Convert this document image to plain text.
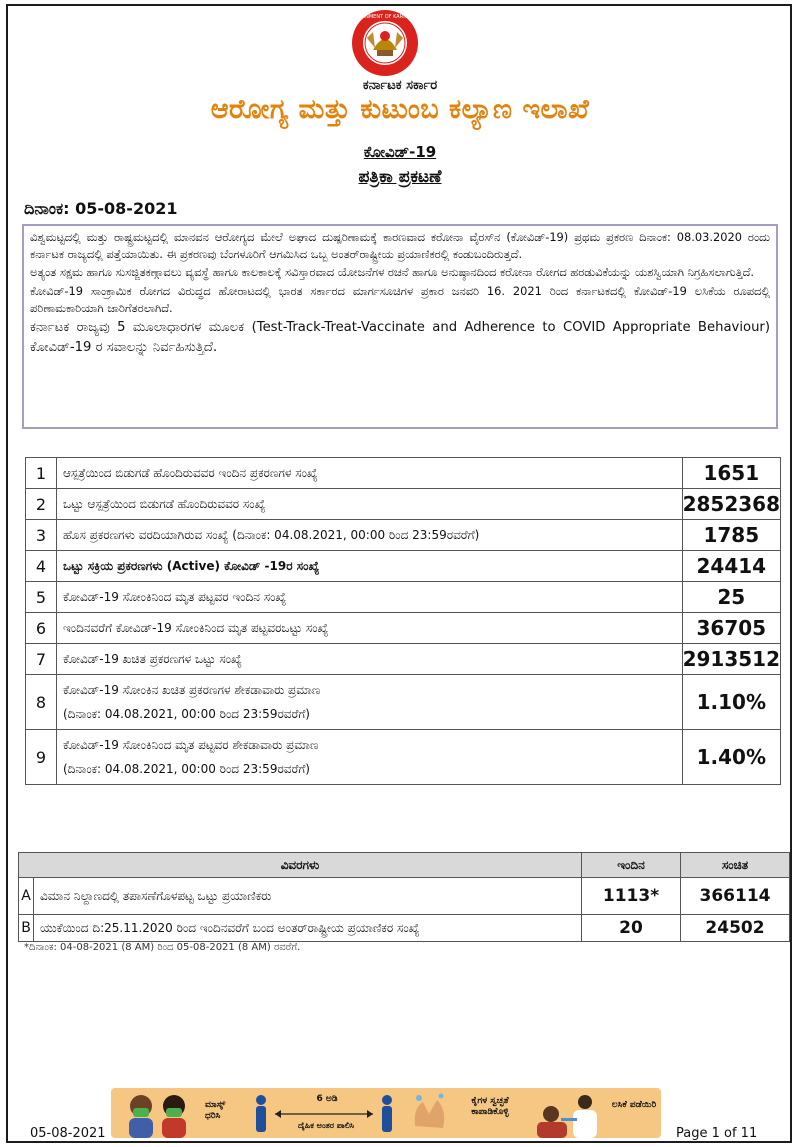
GOVERNMENT OF KARNATAKA
ಕರ್ನಾಟಕ ಸರ್ಕಾರ
ಆರೋಗ್ಯ ಮತ್ತು ಕುಟುಂಬ ಕಲ್ಯಾಣ ಇಲಾಖೆ
ಕೋವಿಡ್-19
ಪತ್ರಿಕಾ ಪ್ರಕಟಣೆ
ದಿನಾಂಕ: 05-08-2021

ವಿಶ್ವಮಟ್ಟದಲ್ಲಿ ಮತ್ತು ರಾಷ್ಟ್ರಮಟ್ಟದಲ್ಲಿ ಮಾನವನ ಆರೋಗ್ಯದ ಮೇಲೆ ಅಘಾದ ದುಷ್ಪರಿಣಾಮಕ್ಕೆ ಕಾರಣವಾದ ಕರೋನಾ ವೈರಸ್‌ನ (ಕೋವಿಡ್-19) ಪ್ರಥಮ ಪ್ರಕರಣ ದಿನಾಂಕ: 08.03.2020 ರಂದು ಕರ್ನಾಟಕ ರಾಜ್ಯದಲ್ಲಿ ಪತ್ತೆಯಾಯಿತು. ಈ ಪ್ರಕರಣವು ಬೆಂಗಳೂರಿಗೆ ಆಗಮಿಸಿದ ಒಬ್ಬ ಅಂತರ್‌ರಾಷ್ಟ್ರೀಯ ಪ್ರಯಾಣಿಕರಲ್ಲಿ ಕಂಡುಬಂದಿರುತ್ತದೆ.

ಅತ್ಯಂತ ಸಕ್ಷಮ ಹಾಗೂ ಸುಸಜ್ಜಿತಕಣ್ಗಾವಲು ವ್ಯವಸ್ಥೆ ಹಾಗೂ ಕಾಲಕಾಲಕ್ಕೆ ಸವಿಸ್ತಾರವಾದ ಯೋಜನೆಗಳ ರಚನೆ ಹಾಗೂ ಅನುಷ್ಠಾನದಿಂದ ಕರೋನಾ ರೋಗದ ಹರಡುವಿಕೆಯನ್ನು ಯಶಸ್ವಿಯಾಗಿ ನಿಗ್ರಹಿಸಲಾಗುತ್ತಿದೆ.

ಕೋವಿಡ್-19 ಸಾಂಕ್ರಾಮಿಕ ರೋಗದ ವಿರುದ್ಧದ ಹೋರಾಟದಲ್ಲಿ ಭಾರತ ಸರ್ಕಾರದ ಮಾರ್ಗಸೂಚಿಗಳ ಪ್ರಕಾರ ಜನವರಿ 16. 2021 ರಿಂದ ಕರ್ನಾಟಕದಲ್ಲಿ ಕೋವಿಡ್-19 ಲಸಿಕೆಯ ರೂಪದಲ್ಲಿ ಪರಿಣಾಮಕಾರಿಯಾಗಿ ಜಾರಿಗೆತರಲಾಗಿದೆ.

ಕರ್ನಾಟಕ ರಾಜ್ಯವು 5 ಮೂಲಾಧಾರಗಳ ಮೂಲಕ (Test-Track-Treat-Vaccinate and Adherence to COVID Appropriate Behaviour) ಕೋವಿಡ್-19 ರ ಸವಾಲನ್ನು ನಿರ್ವಹಿಸುತ್ತಿದೆ.

1	ಆಸ್ಪತ್ರೆಯಿಂದ ಬಿಡುಗಡೆ ಹೊಂದಿರುವವರ ಇಂದಿನ ಪ್ರಕರಣಗಳ ಸಂಖ್ಯೆ	1651
2	ಒಟ್ಟು ಆಸ್ಪತ್ರೆಯಿಂದ ಬಿಡುಗಡೆ ಹೊಂದಿರುವವರ ಸಂಖ್ಯೆ	2852368
3	ಹೊಸ ಪ್ರಕರಣಗಳು ವರದಿಯಾಗಿರುವ ಸಂಖ್ಯೆ (ದಿನಾಂಕ: 04.08.2021, 00:00 ರಿಂದ 23:59ರವರೆಗೆ)	1785
4	ಒಟ್ಟು ಸಕ್ರಿಯ ಪ್ರಕರಣಗಳು (Active) ಕೋವಿಡ್ -19ರ ಸಂಖ್ಯೆ	24414
5	ಕೋವಿಡ್-19 ಸೋಂಕಿನಿಂದ ಮೃತ ಪಟ್ಟವರ ಇಂದಿನ ಸಂಖ್ಯೆ	25
6	ಇಂದಿನವರೆಗೆ ಕೋವಿಡ್-19 ಸೋಂಕಿನಿಂದ ಮೃತ ಪಟ್ಟವರಒಟ್ಟು ಸಂಖ್ಯೆ	36705
7	ಕೋವಿಡ್-19 ಖಚಿತ ಪ್ರಕರಣಗಳ ಒಟ್ಟು ಸಂಖ್ಯೆ	2913512
8	ಕೋವಿಡ್-19 ಸೋಂಕಿನ ಖಚಿತ ಪ್ರಕರಣಗಳ ಶೇಕಡಾವಾರು ಪ್ರಮಾಣ
(ದಿನಾಂಕ: 04.08.2021, 00:00 ರಿಂದ 23:59ರವರೆಗೆ)	1.10%
9	ಕೋವಿಡ್-19 ಸೋಂಕಿನಿಂದ ಮೃತ ಪಟ್ಟವರ ಶೇಕಡಾವಾರು ಪ್ರಮಾಣ
(ದಿನಾಂಕ: 04.08.2021, 00:00 ರಿಂದ 23:59ರವರೆಗೆ)	1.40%
ವಿವರಗಳು		ಇಂದಿನ	ಸಂಚಿತ
A	ವಿಮಾನ ನಿಲ್ದಾಣದಲ್ಲಿ ತಪಾಸಣೆಗೊಳಪಟ್ಟ ಒಟ್ಟು ಪ್ರಯಾಣಿಕರು	1113*	366114
B	ಯುಕೆಯಿಂದ ದಿ:25.11.2020 ರಿಂದ ಇಂದಿನವರೆಗೆ ಬಂದ ಅಂತರ್‌ರಾಷ್ಟ್ರೀಯ ಪ್ರಯಾಣಿಕರ ಸಂಖ್ಯೆ	20	24502
*ದಿನಾಂಕ: 04-08-2021 (8 AM) ರಿಂದ 05-08-2021 (8 AM) ರವರೆಗೆ.
ಮಾಸ್ಕ್ ಧರಿಸಿ
6 ಅಡಿ
ದೈಹಿಕ ಅಂತರ ಪಾಲಿಸಿ
ಕೈಗಳ ಸ್ವಚ್ಛತೆ ಕಾಪಾಡಿಕೊಳ್ಳಿ
ಲಸಿಕೆ ಪಡೆಯಿರಿ
05-08-2021	Page 1 of 11
